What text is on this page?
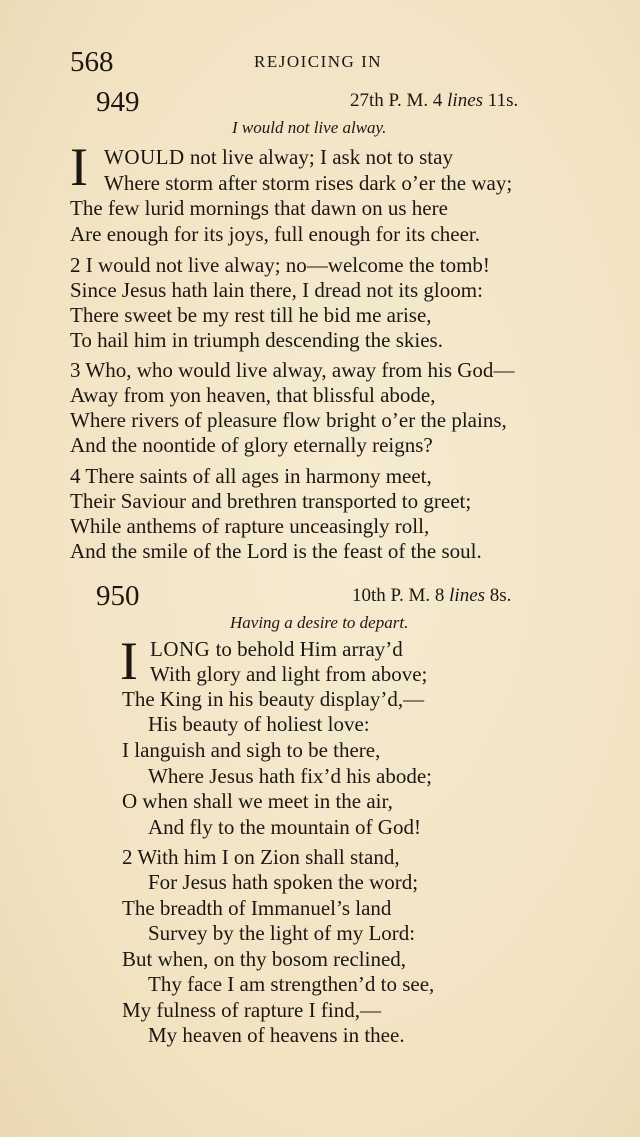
568	REJOICING IN
949	27th P. M. 4 lines 11s.
I would not live alway.
I WOULD not live alway; I ask not to stay
Where storm after storm rises dark o’er the way;
The few lurid mornings that dawn on us here
Are enough for its joys, full enough for its cheer.
2 I would not live alway; no—welcome the tomb!
Since Jesus hath lain there, I dread not its gloom:
There sweet be my rest till he bid me arise,
To hail him in triumph descending the skies.
3 Who, who would live alway, away from his God—
Away from yon heaven, that blissful abode,
Where rivers of pleasure flow bright o’er the plains,
And the noontide of glory eternally reigns?
4 There saints of all ages in harmony meet,
Their Saviour and brethren transported to greet;
While anthems of rapture unceasingly roll,
And the smile of the Lord is the feast of the soul.
950	10th P. M. 8 lines 8s.
Having a desire to depart.
I LONG to behold Him array’d
With glory and light from above;
The King in his beauty display’d,—
His beauty of holiest love:
I languish and sigh to be there,
Where Jesus hath fix’d his abode;
O when shall we meet in the air,
And fly to the mountain of God!
2 With him I on Zion shall stand,
For Jesus hath spoken the word;
The breadth of Immanuel’s land
Survey by the light of my Lord:
But when, on thy bosom reclined,
Thy face I am strengthen’d to see,
My fulness of rapture I find,—
My heaven of heavens in thee.
